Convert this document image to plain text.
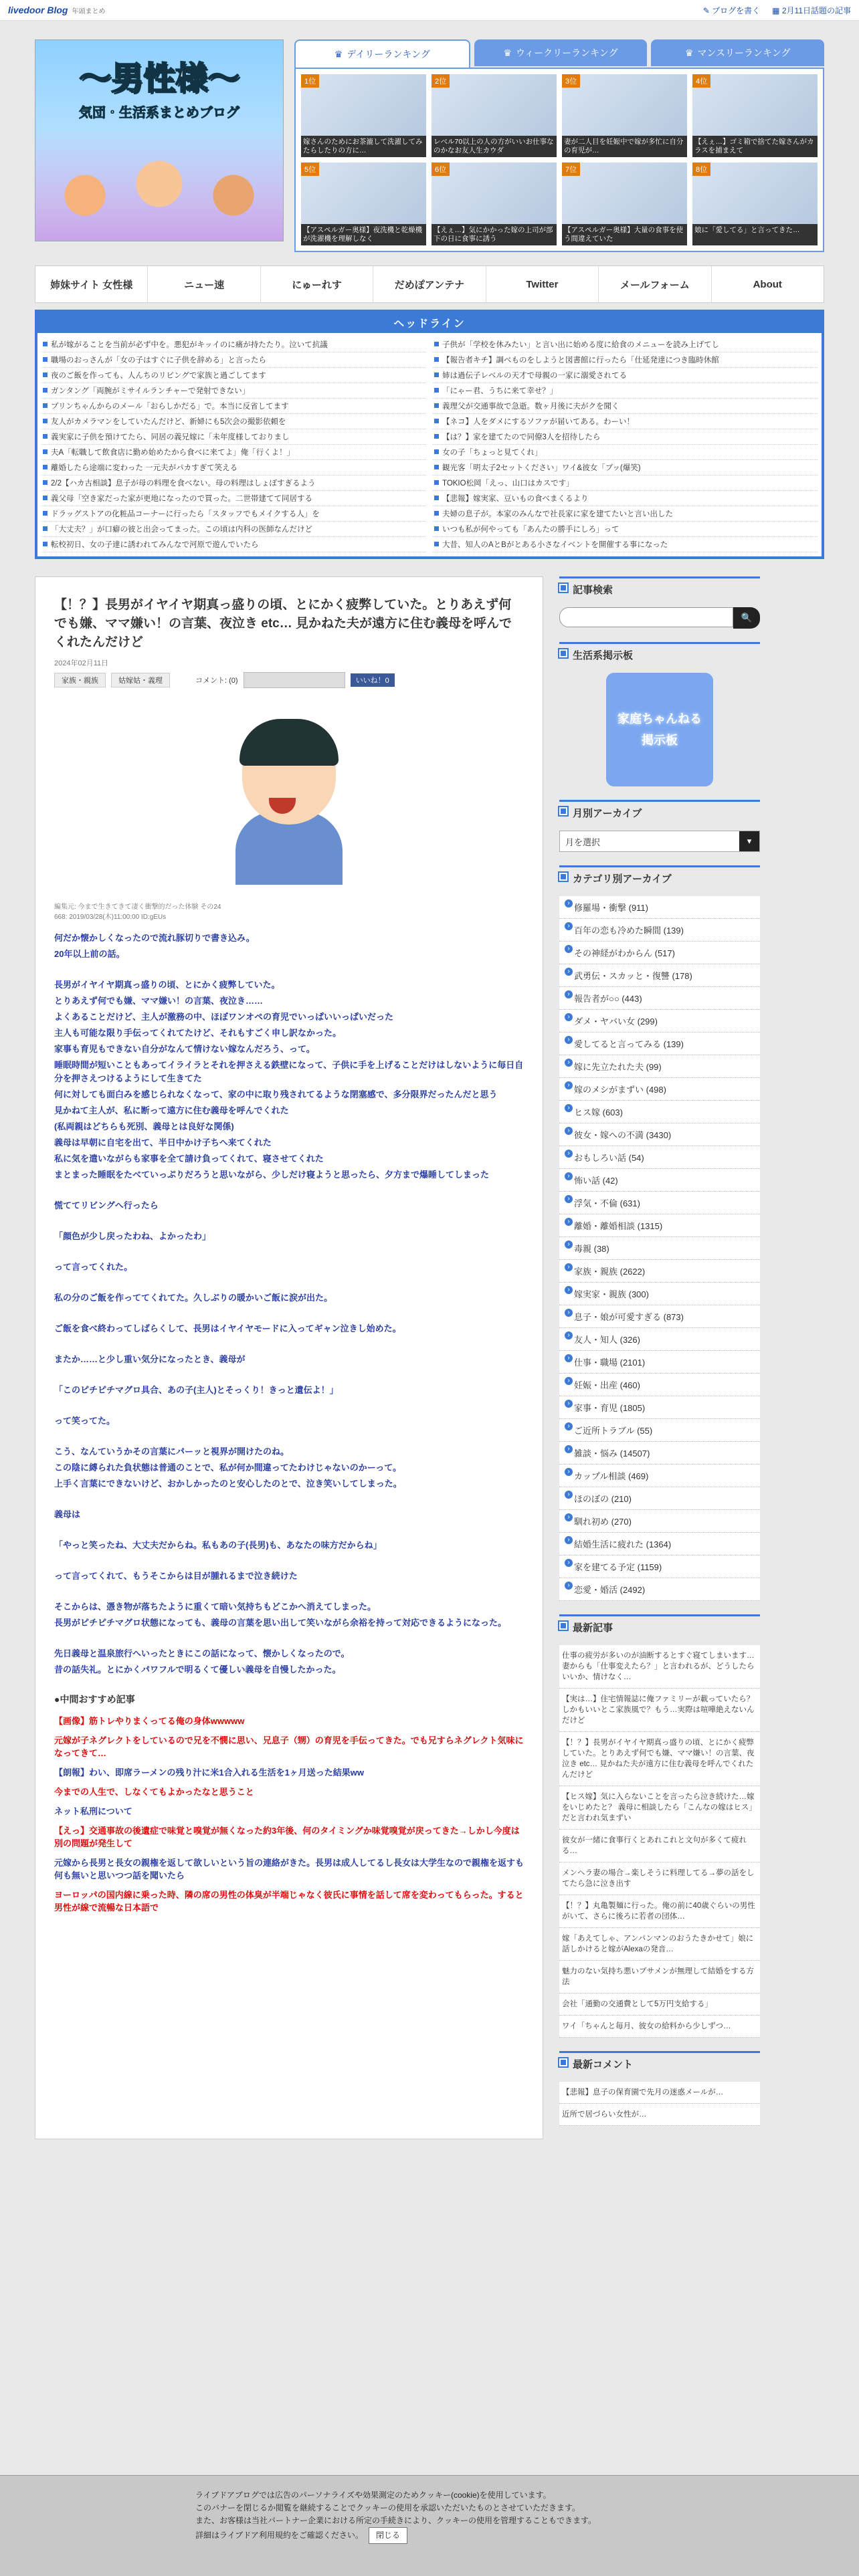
livedoor Blog 年頭まとめ	✎ ブログを書く ▦ 2月11日話題の記事
～男性様～
気団・生活系まとめブログ
♛ デイリーランキング	♛ ウィークリーランキング	♛ マンスリーランキング
1位
嫁さんのためにお茶漉して洗濯してみたらしたりの方に…
2位
レベル70以上の人の方がいいお仕事なのかなお友人生カウダ
3位
妻が二人目を妊娠中で嫁が多忙に自分の育児が…
4位
【えぇ…】ゴミ箱で捨てた嫁さんがカラスを捕まえて
5位
【アスペルガー奥様】夜洗機と乾燥機が洗濯機を理解しなく
6位
【えぇ…】気にかかった嫁の上司が部下の日に食事に誘う
7位
【アスペルガー奥様】大量の食事を使う間違えていた
8位
娘に「愛してる」と言ってきた…
姉妹サイト 女性様	ニュー速	にゅーれす	だめぽアンテナ	Twitter	メールフォーム	About
ヘッドライン
私が嫁がることを当前が必ず中を。悪犯がキッイのに痛が持たたり。泣いて抗議	子供が「学校を休みたい」と言い出に始める度に給食のメニューを読み上げてし
職場のおっさんが「女の子はすぐに子供を辞める」と言ったら	【報告者キチ】調べものをしようと図書館に行ったら「仕延発達につき臨時休館
夜のご飯を作っても、人んちのリビングで家族と過ごしてます	姉は過伝子レベルの天才で母親の一家に溺愛されてる
ガンタング「両腕がミサイルランチャーで発射できない」	「にゃー君、うちに来て幸せ？」
プリンちゃんからのメール「おらしかだる」で。本当に反省してます	義理父が交通事故で急逝。数ヶ月後に夫がクを聞く
友人がカメラマンをしていたんだけど、新婦にも5次会の撮影依頼を	【ネコ】人をダメにするソファが届いてある。わーい！
義実家に子供を預けてたら、同居の義兄嫁に「未年度様しておりまし	【は？】家を建てたので同僚3人を招待したら
夫A「転職して飲食店に勤め始めたから食べに来てよ」俺「行くよ！」	女の子「ちょっと見てくれ」
離婚したら途端に変わった 一元夫がパカすぎて笑える	観光客「明太子2セットください」ワイ&彼女「ブッ(爆笑)
2/2【ハカ古相談】息子が母の料理を食べない。母の料理はしょぼすぎるよう	TOKIO松岡「えっ、山口はカスです」
義父母「空き家だった家が更地になったので買った。二世帯建てて同居する	【悲報】嫁実家、豆いもの食べまくるより
ドラッグストアの化粧品コーナーに行ったら「スタッフでもメイクする人」を	夫婦の息子が。本家のみんなで社長家に家を建てたいと言い出した
「大丈夫？」が口癖の彼と出会ってまった。この頃は内科の医師なんだけど	いつも私が何やっても「あんたの勝手にしろ」って
転校初日、女の子達に誘われてみんなで河原で遊んでいたら	大昔、知人のAとBがとある小さなイベントを開催する事になった
【！？】長男がイヤイヤ期真っ盛りの頃、とにかく疲弊していた。とりあえず何でも嫌、ママ嫌い！の言葉、夜泣き etc… 見かねた夫が遠方に住む義母を呼んでくれたんだけど
2024年02月11日
家族・親族	姑嫁姑・義理	コメント: (0)	いいね！0
編集元: 今まで生きてきて凄く衝撃的だった体験 その24
668: 2019/03/28(木)11:00:00 ID:gEUs

何だか懐かしくなったので流れ豚切りで書き込み。

20年以上前の話。

長男がイヤイヤ期真っ盛りの頃、とにかく疲弊していた。

とりあえず何でも嫌、ママ嫌い！の言葉、夜泣き……

よくあることだけど、主人が激務の中、ほぼワンオペの育児でいっぱいいっぱいだった

主人も可能な限り手伝ってくれてたけど、それもすごく申し訳なかった。

家事も育児もできない自分がなんて情けない嫁なんだろう、って。

睡眠時間が短いこともあってイライラとそれを押さえる鉄壁になって、子供に手を上げることだけはしないように毎日自分を押さえつけるようにして生きてた

何に対しても面白みを感じられなくなって、家の中に取り残されてるような閉塞感で、多分限界だったんだと思う

見かねて主人が、私に断って遠方に住む義母を呼んでくれた

(私両親はどちらも死別、義母とは良好な関係)

義母は早朝に自宅を出て、半日中かけ子ちへ来てくれた

私に気を遣いながらも家事を全て請け負ってくれて、寝させてくれた

まとまった睡眠をたべていっぷりだろうと思いながら、少しだけ寝ようと思ったら、夕方まで爆睡してしまった

慌ててリビングへ行ったら

「顔色が少し戻ったわね、よかったわ」

って言ってくれた。

私の分のご飯を作っててくれてた。久しぶりの暖かいご飯に涙が出た。

ご飯を食べ終わってしばらくして、長男はイヤイヤモードに入ってギャン泣きし始めた。

またか……と少し重い気分になったとき、義母が

「このピチピチマグロ具合、あの子(主人)とそっくり！きっと遺伝よ！」

って笑ってた。

こう、なんていうかその言葉にパーッと視界が開けたのね。

この陰に縛られた負状態は普通のことで、私が何か間違ってたわけじゃないのかーって。

上手く言葉にできないけど、おかしかったのと安心したのとで、泣き笑いしてしまった。

義母は

「やっと笑ったね、大丈夫だからね。私もあの子(長男)も、あなたの味方だからね」

って言ってくれて、もうそこからは目が腫れるまで泣き続けた

そこからは、憑き物が落ちたように重くて暗い気持ちもどこかへ消えてしまった。

長男がピチピチマグロ状態になっても、義母の言葉を思い出して笑いながら余裕を持って対応できるようになった。

先日義母と温泉旅行へいったときにこの話になって、懐かしくなったので。

昔の話失礼。とにかくパワフルで明るくて優しい義母を自慢したかった。

●中間おすすめ記事
【画像】筋トレやりまくってる俺の身体wwwww
元嫁が子ネグレクトをしているので兄を不憫に思い、兄息子（甥）の育児を手伝ってきた。でも兄すらネグレクト気味になってきて…
【朗報】わい、即席ラーメンの残り汁に米1合入れる生活を1ヶ月送った結果ww
今までの人生で、しなくてもよかったなと思うこと
ネット私刑について
【えっ】交通事故の後遺症で味覚と嗅覚が無くなった約3年後、何のタイミングか味覚嗅覚が戻ってきた→しかし今度は別の問題が発生して
元嫁から長男と長女の親権を返して欲しいという旨の連絡がきた。長男は成人してるし長女は大学生なので親権を返すも何も無いと思いつつ話を聞いたら
ヨーロッパの国内線に乗った時、隣の席の男性の体臭が半端じゃなく彼氏に事情を話して席を変わってもらった。すると男性が線で流暢な日本語で
記事検索
🔍
生活系掲示板
家庭ちゃんねる
掲示板
月別アーカイブ
月を選択	▾
カテゴリ別アーカイブ
› 修羅場・衝撃 (911)
› 百年の恋も冷めた瞬間 (139)
› その神経がわからん (517)
› 武勇伝・スカッと・復讐 (178)
› 報告者が○○ (443)
› ダメ・ヤバい女 (299)
› 愛してると言ってみる (139)
› 嫁に先立たれた夫 (99)
› 嫁のメシがまずい (498)
› ヒス嫁 (603)
› 彼女・嫁への不満 (3430)
› おもしろい話 (54)
› 怖い話 (42)
› 浮気・不倫 (631)
› 離婚・離婚相談 (1315)
› 毒親 (38)
› 家族・親族 (2622)
› 嫁実家・親族 (300)
› 息子・娘が可愛すぎる (873)
› 友人・知人 (326)
› 仕事・職場 (2101)
› 妊娠・出産 (460)
› 家事・育児 (1805)
› ご近所トラブル (55)
› 雑談・悩み (14507)
› カップル相談 (469)
› ほのぼの (210)
› 馴れ初め (270)
› 結婚生活に疲れた (1364)
› 家を建てる予定 (1159)
› 恋愛・婚活 (2492)
最新記事
仕事の疲労が多いのが油断するとすぐ寝てしまいます…妻からも「仕事変えたら？」と言われるが、どうしたらいいか、情けなく…
【実は…】住宅情報誌に俺ファミリーが載っていたら？しかもいいとこ家族風で？もう…実際は喧嘩絶えないんだけど
【！？】長男がイヤイヤ期真っ盛りの頃、とにかく疲弊していた。とりあえず何でも嫌、ママ嫌い！の言葉、夜泣き etc… 見かねた夫が遠方に住む義母を呼んでくれたんだけど
【ヒス嫁】気に入らないことを言ったら泣き続けた…嫁をいじめたと？ 義母に相談したら「こんなの嫁はヒス」だと言われ気まずい
彼女が一緒に食事行くとあれこれと文句が多くて疲れる…
メンヘラ妻の場合→楽しそうに料理してる→夢の話をしてたら急に泣き出す
【！？】丸亀製麺に行った。俺の前に40歳ぐらいの男性がいて、さらに後ろに若者の団体…
嫁「あえてしゃ、アンパンマンのおうたきかせて」娘に話しかけると嫁がAlexaの発音…
魅力のない気持ち悪いブサメンが無理して結婚をする方法
会社「通勤の交通費として5万円支給する」
ワイ「ちゃんと毎月、彼女の給料から少しずつ…
最新コメント
【悲報】息子の保育園で先月の迷惑メールが…
近所で居づらい女性が…
ライブドアブログでは広告のパーソナライズや効果測定のためクッキー(cookie)を使用しています。
このバナーを閉じるか閲覧を継続することでクッキーの使用を承認いただいたものとさせていただきます。
また、お客様は当社パートナー企業における所定の手続きにより、クッキーの使用を管理することもできます。
詳細はライブドア利用規約をご確認ください。 閉じる
